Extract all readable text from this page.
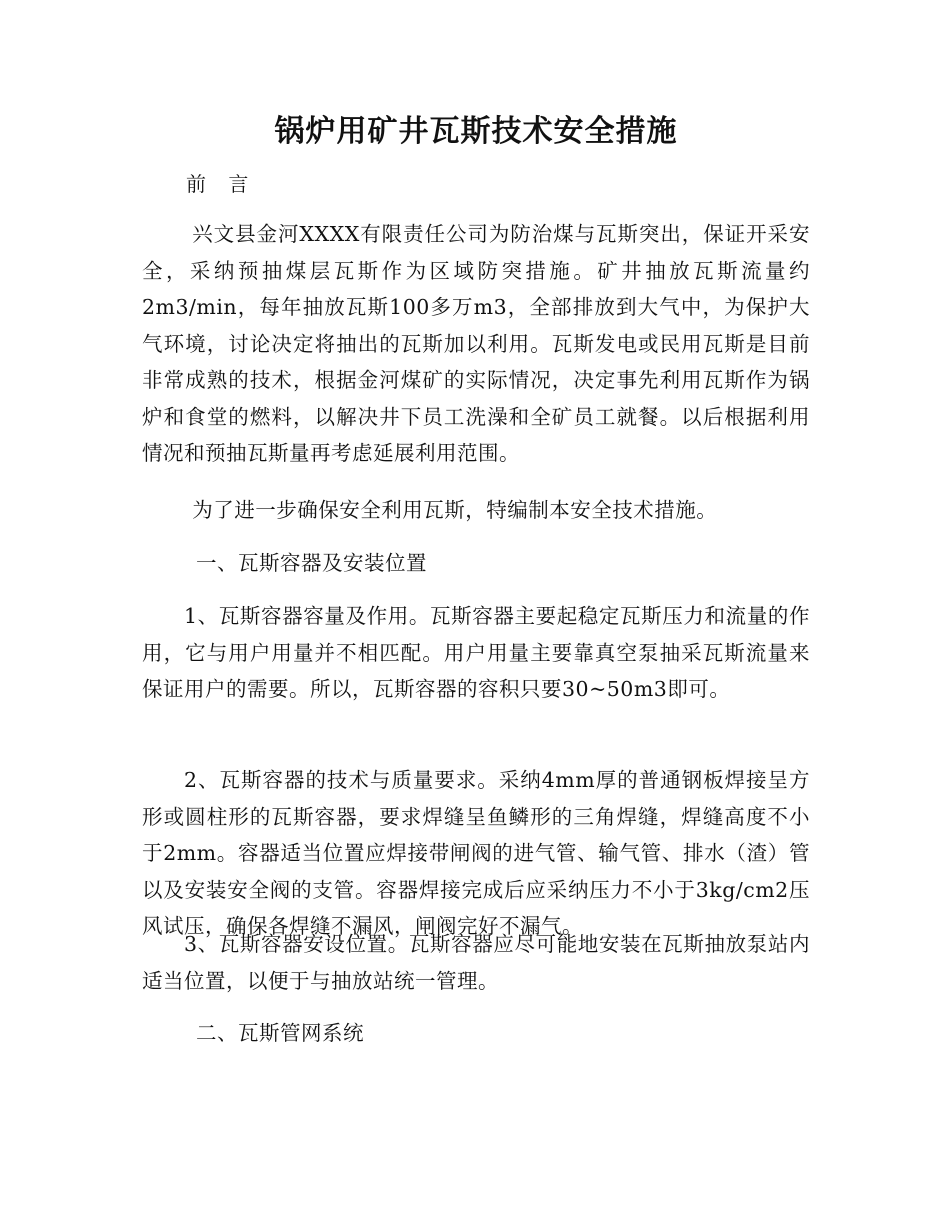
锅炉用矿井瓦斯技术安全措施
前 言

兴文县金河XXXX有限责任公司为防治煤与瓦斯突出，保证开采安全，采纳预抽煤层瓦斯作为区域防突措施。矿井抽放瓦斯流量约2m3/min，每年抽放瓦斯100多万m3，全部排放到大气中，为保护大气环境，讨论决定将抽出的瓦斯加以利用。瓦斯发电或民用瓦斯是目前非常成熟的技术，根据金河煤矿的实际情况，决定事先利用瓦斯作为锅炉和食堂的燃料，以解决井下员工洗澡和全矿员工就餐。以后根据利用情况和预抽瓦斯量再考虑延展利用范围。

为了进一步确保安全利用瓦斯，特编制本安全技术措施。

一、瓦斯容器及安装位置

1、瓦斯容器容量及作用。瓦斯容器主要起稳定瓦斯压力和流量的作用，它与用户用量并不相匹配。用户用量主要靠真空泵抽采瓦斯流量来保证用户的需要。所以，瓦斯容器的容积只要30~50m3即可。

2、瓦斯容器的技术与质量要求。采纳4mm厚的普通钢板焊接呈方形或圆柱形的瓦斯容器，要求焊缝呈鱼鳞形的三角焊缝，焊缝高度不小于2mm。容器适当位置应焊接带闸阀的进气管、输气管、排水（渣）管以及安装安全阀的支管。容器焊接完成后应采纳压力不小于3kg/cm2压风试压，确保各焊缝不漏风，闸阀完好不漏气。

3、瓦斯容器安设位置。瓦斯容器应尽可能地安装在瓦斯抽放泵站内适当位置，以便于与抽放站统一管理。

二、瓦斯管网系统
